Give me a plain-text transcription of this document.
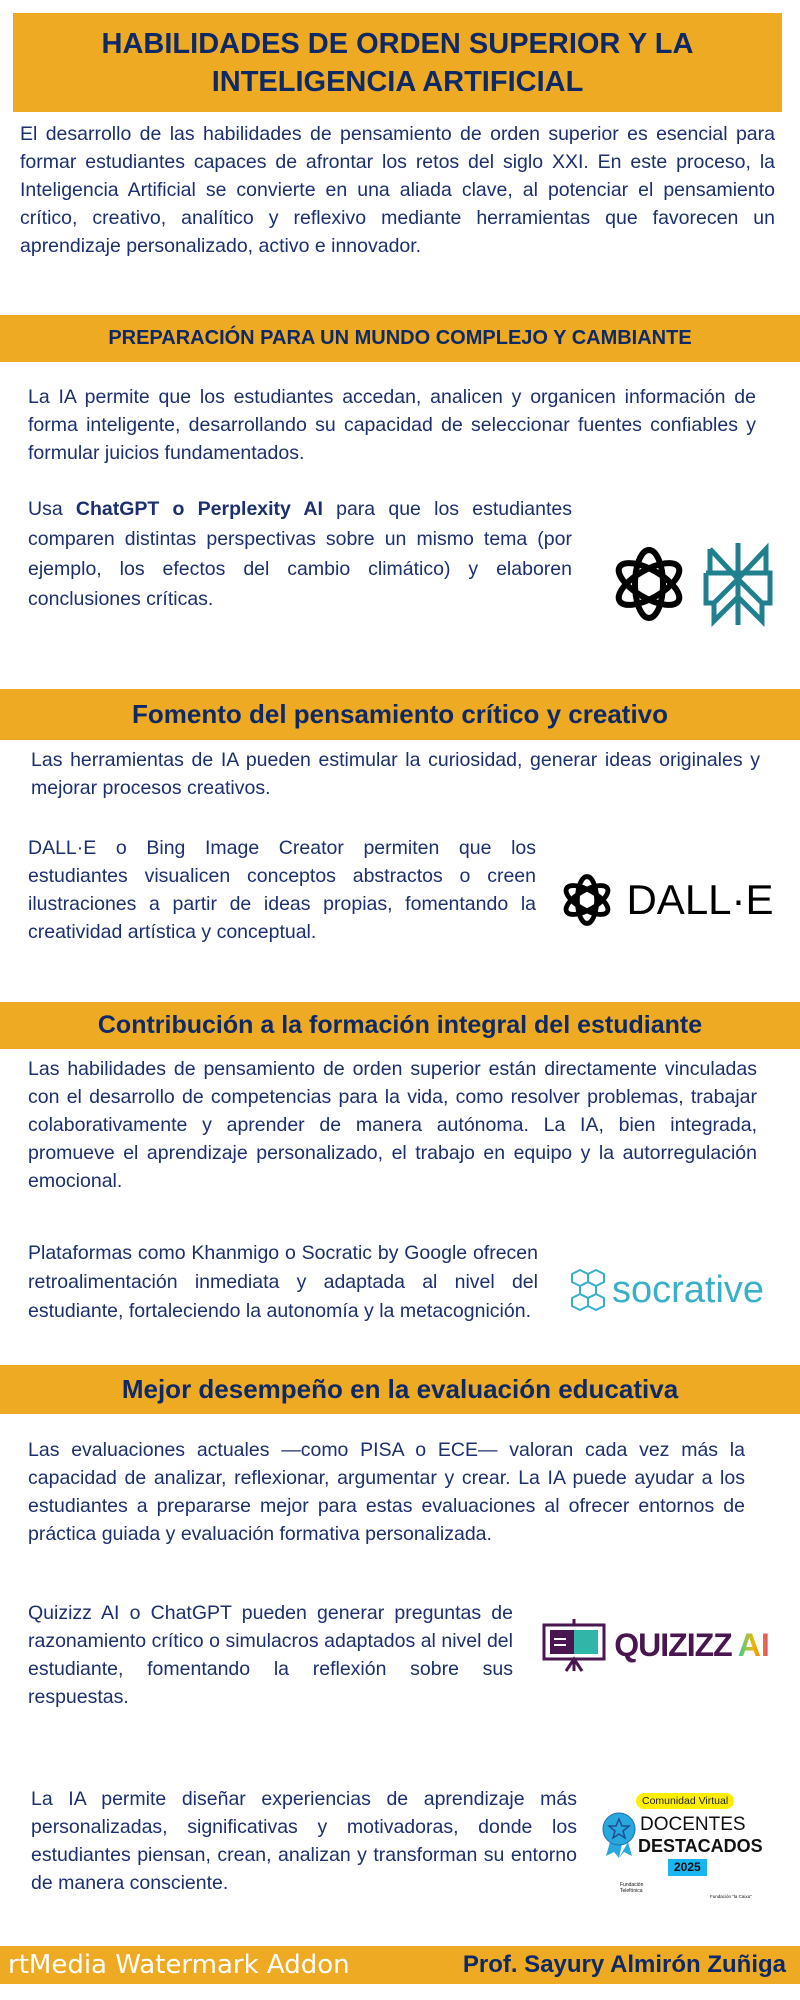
HABILIDADES DE ORDEN SUPERIOR Y LA INTELIGENCIA ARTIFICIAL

El desarrollo de las habilidades de pensamiento de orden superior es esencial para formar estudiantes capaces de afrontar los retos del siglo XXI. En este proceso, la Inteligencia Artificial se convierte en una aliada clave, al potenciar el pensamiento crítico, creativo, analítico y reflexivo mediante herramientas que favorecen un aprendizaje personalizado, activo e innovador.

PREPARACIÓN PARA UN MUNDO COMPLEJO Y CAMBIANTE

La IA permite que los estudiantes accedan, analicen y organicen información de forma inteligente, desarrollando su capacidad de seleccionar fuentes confiables y formular juicios fundamentados.

Usa ChatGPT o Perplexity AI para que los estudiantes comparen distintas perspectivas sobre un mismo tema (por ejemplo, los efectos del cambio climático) y elaboren conclusiones críticas.

Fomento del pensamiento crítico y creativo

Las herramientas de IA pueden estimular la curiosidad, generar ideas originales y mejorar procesos creativos.

DALL·E o Bing Image Creator permiten que los estudiantes visualicen conceptos abstractos o creen ilustraciones a partir de ideas propias, fomentando la creatividad artística y conceptual.

DALL·E
Contribución a la formación integral del estudiante

Las habilidades de pensamiento de orden superior están directamente vinculadas con el desarrollo de competencias para la vida, como resolver problemas, trabajar colaborativamente y aprender de manera autónoma. La IA, bien integrada, promueve el aprendizaje personalizado, el trabajo en equipo y la autorregulación emocional.

Plataformas como Khanmigo o Socratic by Google ofrecen retroalimentación inmediata y adaptada al nivel del estudiante, fortaleciendo la autonomía y la metacognición.

socrative
Mejor desempeño en la evaluación educativa

Las evaluaciones actuales —como PISA o ECE— valoran cada vez más la capacidad de analizar, reflexionar, argumentar y crear. La IA puede ayudar a los estudiantes a prepararse mejor para estas evaluaciones al ofrecer entornos de práctica guiada y evaluación formativa personalizada.

Quizizz AI o ChatGPT pueden generar preguntas de razonamiento crítico o simulacros adaptados al nivel del estudiante, fomentando la reflexión sobre sus respuestas.

QUIZIZZ AI

La IA permite diseñar experiencias de aprendizaje más personalizadas, significativas y motivadoras, donde los estudiantes piensan, crean, analizan y transforman su entorno de manera consciente.

Comunidad Virtual
DOCENTES
DESTACADOS
2025
Fundación Telefónica
Fundación "la Caixa"
rtMedia Watermark Addon	Prof. Sayury Almirón Zuñiga
